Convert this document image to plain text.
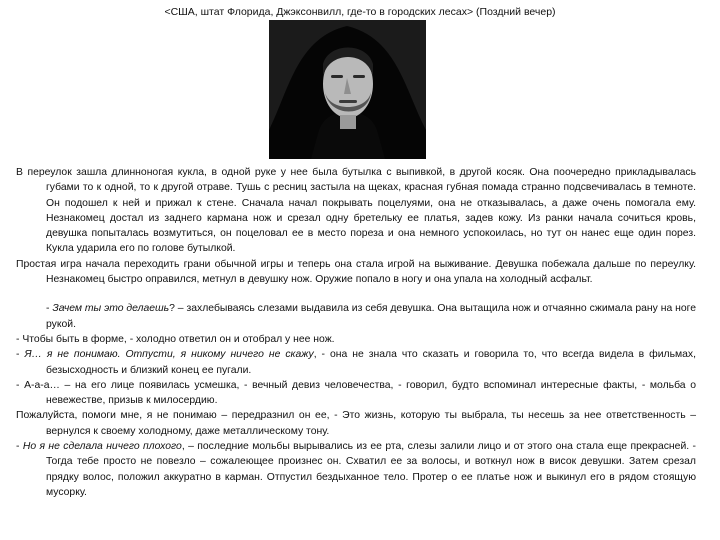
<США, штат Флорида, Джэксонвилл, где-то в городских лесах> (Поздний вечер)

В переулок зашла длинноногая кукла, в одной руке у нее была бутылка с выпивкой, в другой косяк. Она поочередно прикладывалась губами то к одной, то к другой отраве. Тушь с ресниц застыла на щеках, красная губная помада странно подсвечивалась в темноте. Он подошел к ней и прижал к стене. Сначала начал покрывать поцелуями, она не отказывалась, а даже очень помогала ему. Незнакомец достал из заднего кармана нож и срезал одну бретельку ее платья, задев кожу. Из ранки начала сочиться кровь, девушка попыталась возмутиться, он поцеловал ее в место пореза и она немного успокоилась, но тут он нанес еще один порез. Кукла ударила его по голове бутылкой.

Простая игра начала переходить грани обычной игры и теперь она стала игрой на выживание. Девушка побежала дальше по переулку. Незнакомец быстро оправился, метнул в девушку нож. Оружие попало в ногу и она упала на холодный асфальт.

- Зачем ты это делаешь? – захлебываясь слезами выдавила из себя девушка. Она вытащила нож и отчаянно сжимала рану на ноге рукой.

- Чтобы быть в форме, - холодно ответил он и отобрал у нее нож.

- Я… я не понимаю. Отпусти, я никому ничего не скажу, - она не знала что сказать и говорила то, что всегда видела в фильмах, безысходность и близкий конец ее пугали.

- А-а-а… – на его лице появилась усмешка, - вечный девиз человечества, - говорил, будто вспоминал интересные факты, - мольба о невежестве, призыв к милосердию.

Пожалуйста, помоги мне, я не понимаю – передразнил он ее, - Это жизнь, которую ты выбрала, ты несешь за нее ответственность – вернулся к своему холодному, даже металлическому тону.

- Но я не сделала ничего плохого, – последние мольбы вырывались из ее рта, слезы залили лицо и от этого она стала еще прекрасней. - Тогда тебе просто не повезло – сожалеющее произнес он. Схватил ее за волосы, и воткнул нож в висок девушки. Затем срезал прядку волос, положил аккуратно в карман. Отпустил бездыханное тело. Протер о ее платье нож и выкинул его в рядом стоящую мусорку.
